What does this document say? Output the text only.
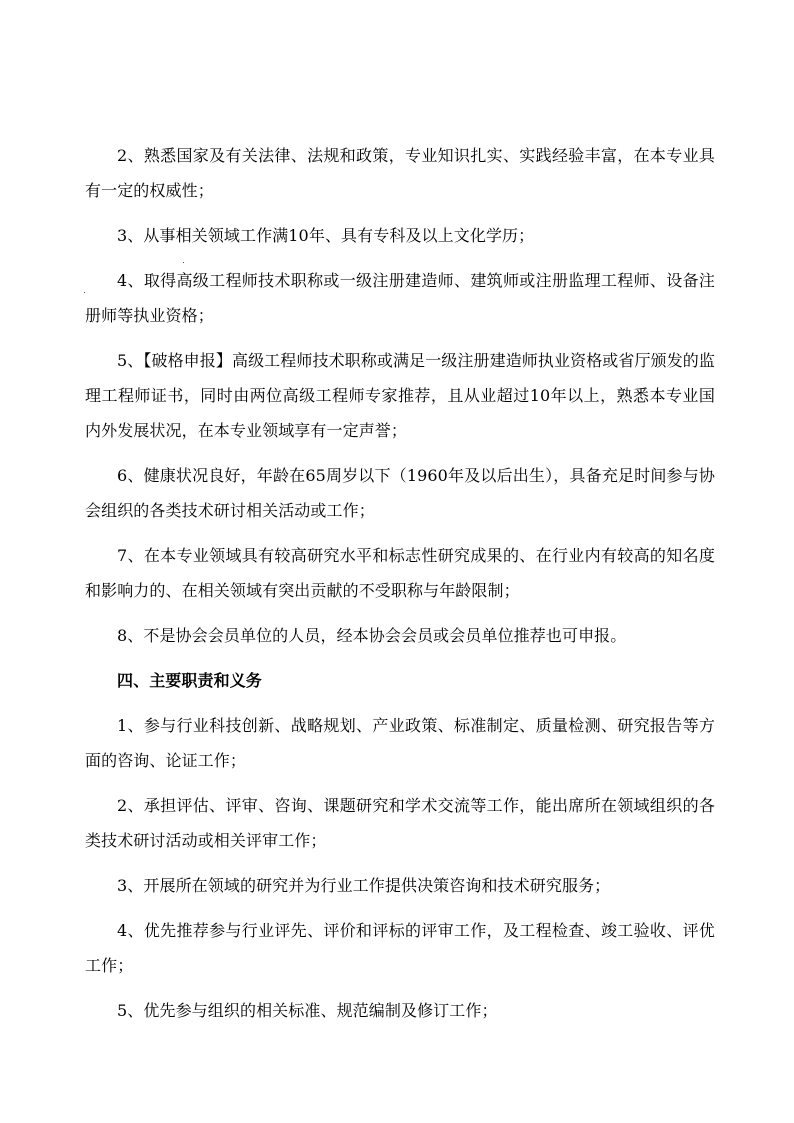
2、熟悉国家及有关法律、法规和政策，专业知识扎实、实践经验丰富，在本专业具有一定的权威性；

3、从事相关领域工作满10年、具有专科及以上文化学历；

4、取得高级工程师技术职称或一级注册建造师、建筑师或注册监理工程师、设备注册师等执业资格；

5、【破格申报】高级工程师技术职称或满足一级注册建造师执业资格或省厅颁发的监理工程师证书，同时由两位高级工程师专家推荐，且从业超过10年以上，熟悉本专业国内外发展状况，在本专业领域享有一定声誉；

6、健康状况良好，年龄在65周岁以下（1960年及以后出生），具备充足时间参与协会组织的各类技术研讨相关活动或工作；

7、在本专业领域具有较高研究水平和标志性研究成果的、在行业内有较高的知名度和影响力的、在相关领域有突出贡献的不受职称与年龄限制；

8、不是协会会员单位的人员，经本协会会员或会员单位推荐也可申报。

四、主要职责和义务

1、参与行业科技创新、战略规划、产业政策、标准制定、质量检测、研究报告等方面的咨询、论证工作；

2、承担评估、评审、咨询、课题研究和学术交流等工作，能出席所在领域组织的各类技术研讨活动或相关评审工作；

3、开展所在领域的研究并为行业工作提供决策咨询和技术研究服务；

4、优先推荐参与行业评先、评价和评标的评审工作，及工程检查、竣工验收、评优工作；

5、优先参与组织的相关标准、规范编制及修订工作；
